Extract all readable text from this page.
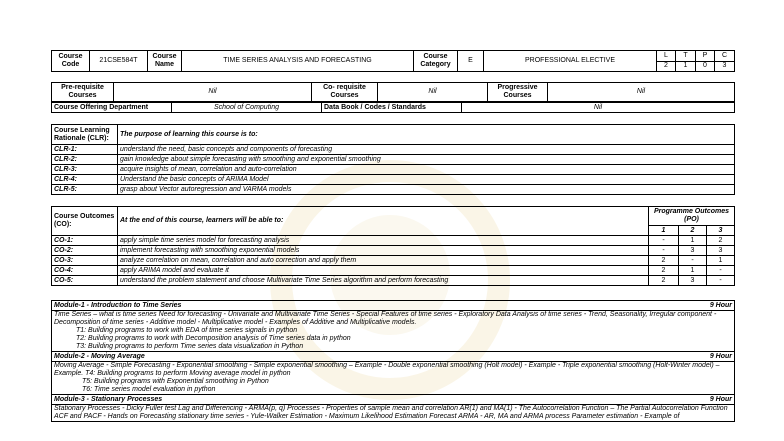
Course Code	21CSE584T	Course Name	TIME SERIES ANALYSIS AND FORECASTING	Course Category	E	PROFESSIONAL ELECTIVE	L	T	P	C
							2	1	0	3
Pre-requisite Courses	Nil	Co- requisite Courses	Nil	Progressive Courses	Nil
Course Offering Department	School of Computing	Data Book / Codes / Standards	Nil
Course Learning Rationale (CLR):	The purpose of learning this course is to:
CLR-1:	understand the need, basic concepts and components of forecasting
CLR-2:	gain knowledge about simple forecasting with smoothing and exponential smoothing
CLR-3:	acquire insights of mean, correlation and auto-correlation
CLR-4:	Understand the basic concepts of ARIMA Model
CLR-5:	grasp about Vector autoregression and VARMA models
Course Outcomes (CO):	At the end of this course, learners will be able to:	Programme Outcomes (PO)		
		1	2	3
CO-1:	apply simple time series model for forecasting analysis	-	1	2
CO-2:	implement forecasting with smoothing exponential models	-	3	3
CO-3:	analyze correlation on mean, correlation and auto correction and apply them	2	-	1
CO-4:	apply ARIMA model and evaluate it	2	1	-
CO-5:	understand the problem statement and choose Multivariate Time Series algorithm and perform forecasting	2	3	-
Module-1 - Introduction to Time Series	9 Hour

Time Series – what is time series Need for forecasting - Univariate and Multivariate Time Series - Special Features of time series - Exploratory Data Analysis of time series - Trend, Seasonality, Irregular component - Decomposition of time series - Additive model - Multiplicative model - Examples of Additive and Multiplicative models.
T1: Building programs to work with EDA of time series signals in python
T2: Building programs to work with Decomposition analysis of Time series data in python
T3: Building programs to perform Time series data visualization in Python

Module-2 - Moving Average	9 Hour

Moving Average - Simple Forecasting - Exponential smoothing - Simple exponential smoothing – Example - Double exponential smoothing (Holt model) - Example - Triple exponential smoothing (Holt-Winter model) – Example. T4: Building programs to perform Moving average model in python
T5: Building programs with Exponential smoothing in Python
T6: Time series model evaluation in python

Module-3 - Stationary Processes	9 Hour

Stationary Processes - Dicky Fuller test Lag and Differencing - ARMA(p, q) Processes - Properties of sample mean and correlation AR(1) and MA(1) - The Autocorrelation Function – The Partial Autocorrelation Function ACF and PACF - Hands on Forecasting stationary time series - Yule-Walker Estimation - Maximum Likelihood Estimation Forecast ARMA - AR, MA and ARMA process Parameter estimation - Example of
